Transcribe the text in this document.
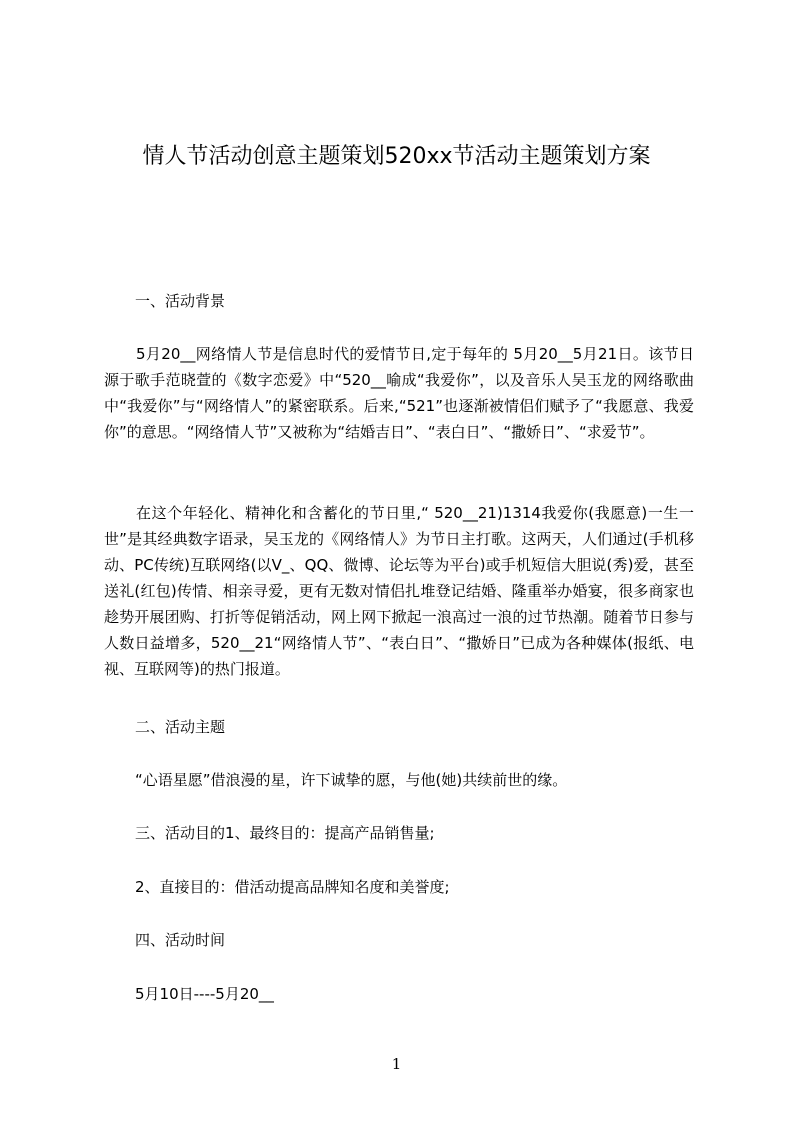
情人节活动创意主题策划520xx节活动主题策划方案
一、活动背景
5月20__网络情人节是信息时代的爱情节日,定于每年的 5月20__5月21日。该节日源于歌手范晓萱的《数字恋爱》中“520__喻成“我爱你”，以及音乐人吴玉龙的网络歌曲中“我爱你”与“网络情人”的紧密联系。后来,“521”也逐渐被情侣们赋予了“我愿意、我爱你”的意思。“网络情人节”又被称为“结婚吉日”、“表白日”、“撒娇日”、“求爱节”。
在这个年轻化、精神化和含蓄化的节日里,“ 520__21)1314我爱你(我愿意)一生一世”是其经典数字语录，吴玉龙的《网络情人》为节日主打歌。这两天，人们通过(手机移动、PC传统)互联网络(以V_、QQ、微博、论坛等为平台)或手机短信大胆说(秀)爱，甚至送礼(红包)传情、相亲寻爱，更有无数对情侣扎堆登记结婚、隆重举办婚宴，很多商家也趁势开展团购、打折等促销活动，网上网下掀起一浪高过一浪的过节热潮。随着节日参与人数日益增多，520__21“网络情人节”、“表白日”、“撒娇日”已成为各种媒体(报纸、电视、互联网等)的热门报道。
二、活动主题
“心语星愿”借浪漫的星，许下诚挚的愿，与他(她)共续前世的缘。
三、活动目的1、最终目的：提高产品销售量;
2、直接目的：借活动提高品牌知名度和美誉度;
四、活动时间
5月10日----5月20__
1
